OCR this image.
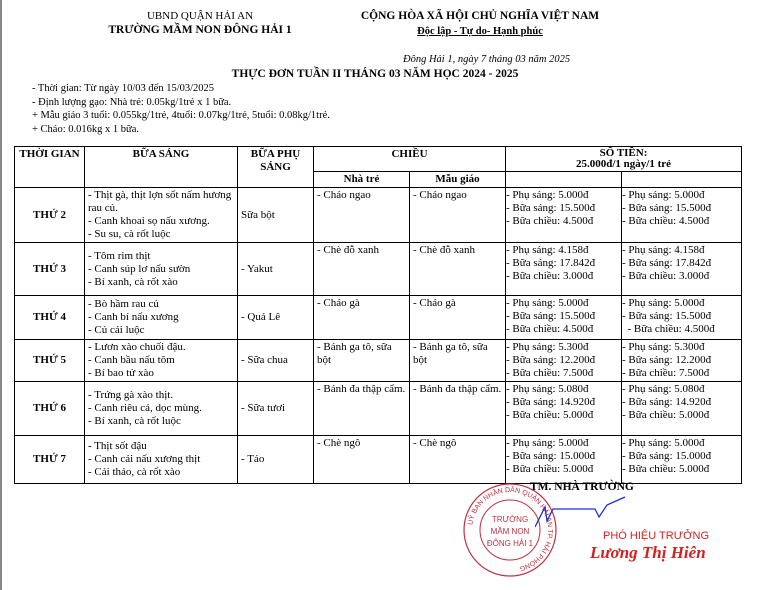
UBND QUẬN HẢI AN
TRƯỜNG MẦM NON ĐÔNG HẢI 1
CỘNG HÒA XÃ HỘI CHỦ NGHĨA VIỆT NAM
Độc lập - Tự do- Hạnh phúc
Đông Hải 1, ngày 7 tháng 03 năm 2025
THỰC ĐƠN TUẦN II THÁNG 03 NĂM HỌC 2024 - 2025
- Thời gian: Từ ngày 10/03 đến 15/03/2025
- Định lượng gạo: Nhà trẻ: 0.05kg/1trẻ x 1 bữa.
+ Mẫu giáo 3 tuổi: 0.055kg/1trẻ, 4tuổi: 0.07kg/1trẻ, 5tuổi: 0.08kg/1trẻ.
+ Cháo: 0.016kg x 1 bữa.
THỜI GIAN	BỮA SÁNG	BỮA PHỤ SÁNG	CHIỀU		SỐ TIỀN:
25.000đ/1 ngày/1 trẻ	

			Nhà trẻ	Mẫu giáo		
THỨ 2	- Thịt gà, thịt lợn sốt nấm hương rau củ.
- Canh khoai sọ nấu xương.
- Su su, cà rốt luộc	Sữa bột	- Cháo ngao	- Cháo ngao	- Phụ sáng: 5.000đ
- Bữa sáng: 15.500đ
- Bữa chiều: 4.500đ	- Phụ sáng: 5.000đ
- Bữa sáng: 15.500đ
- Bữa chiều: 4.500đ

THỨ 3	- Tôm rim thịt
- Canh súp lơ nấu sườn
- Bí xanh, cà rốt xào	- Yakut	- Chè đỗ xanh	- Chè đỗ xanh	- Phụ sáng: 4.158đ
- Bữa sáng: 17.842đ
- Bữa chiều: 3.000đ	- Phụ sáng: 4.158đ
- Bữa sáng: 17.842đ
- Bữa chiều: 3.000đ

THỨ 4	- Bò hầm rau củ
- Canh bí nấu xương
- Củ cải luộc	- Quả Lê	- Cháo gà	- Cháo gà	- Phụ sáng: 5.000đ
- Bữa sáng: 15.500đ
- Bữa chiều: 4.500đ	- Phụ sáng: 5.000đ
- Bữa sáng: 15.500đ
- Bữa chiều: 4.500đ

THỨ 5	- Lươn xào chuối đậu.
- Canh bầu nấu tôm
- Bí bao tử xào	- Sữa chua	- Bánh ga tô, sữa bột	- Bánh ga tô, sữa bột	- Phụ sáng: 5.300đ
- Bữa sáng: 12.200đ
- Bữa chiều: 7.500đ	- Phụ sáng: 5.300đ
- Bữa sáng: 12.200đ
- Bữa chiều: 7.500đ

THỨ 6	- Trứng gà xào thịt.
- Canh riêu cá, dọc mùng.
- Bí xanh, cà rốt luộc	- Sữa tươi	- Bánh đa thập cẩm.	- Bánh đa thập cẩm.	- Phụ sáng: 5.080đ
- Bữa sáng: 14.920đ
- Bữa chiều: 5.000đ	- Phụ sáng: 5.080đ
- Bữa sáng: 14.920đ
- Bữa chiều: 5.000đ

THỨ 7	- Thịt sốt đậu
- Canh cải nấu xương thịt
- Cải thảo, cà rốt xào	- Táo	- Chè ngô	- Chè ngô	- Phụ sáng: 5.000đ
- Bữa sáng: 15.000đ
- Bữa chiều: 5.000đ	- Phụ sáng: 5.000đ
- Bữa sáng: 15.000đ
- Bữa chiều: 5.000đ
UỶ BAN NHÂN DÂN QUẬN HẢI AN TP. HẢI PHÒNG
TRƯỜNG
MẦM NON
ĐÔNG HẢI 1
TM. NHÀ TRƯỜNG
PHÓ HIỆU TRƯỞNG
Lương Thị Hiên
